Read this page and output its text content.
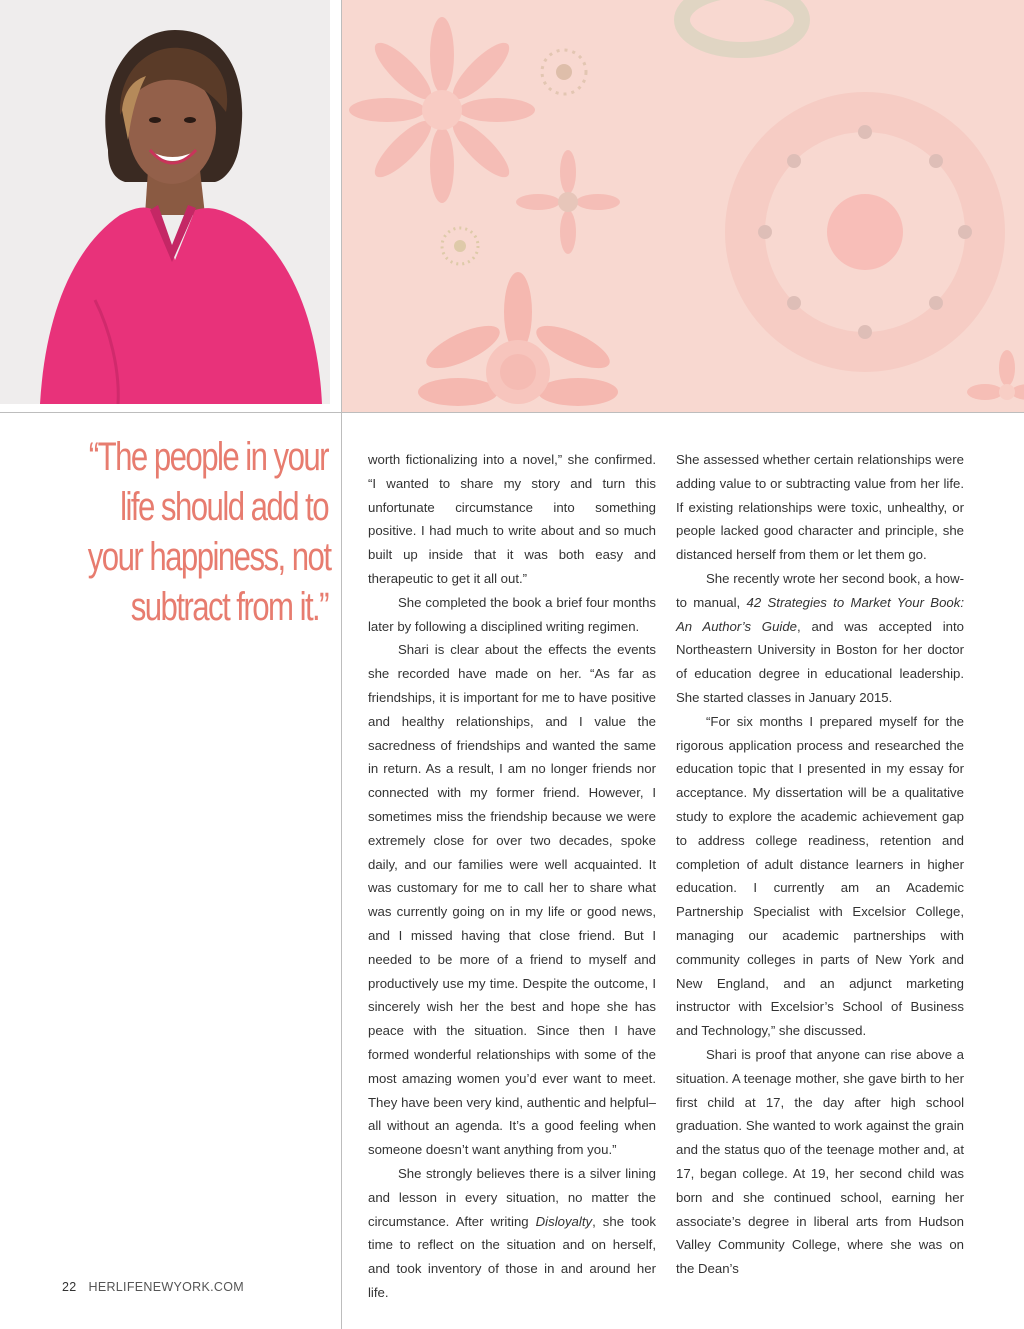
“The people in your
life should add to
your happiness, not
subtract from it.”

worth fictionalizing into a novel,” she confirmed. “I wanted to share my story and turn this unfortunate circumstance into something positive. I had much to write about and so much built up inside that it was both easy and therapeutic to get it all out.”

She completed the book a brief four months later by following a disciplined writing regimen.

Shari is clear about the effects the events she recorded have made on her. “As far as friendships, it is important for me to have positive and healthy relationships, and I value the sacredness of friendships and wanted the same in return. As a result, I am no longer friends nor connected with my former friend. However, I sometimes miss the friendship because we were extremely close for over two decades, spoke daily, and our families were well acquainted. It was customary for me to call her to share what was currently going on in my life or good news, and I missed having that close friend. But I needed to be more of a friend to myself and productively use my time. Despite the outcome, I sincerely wish her the best and hope she has peace with the situation. Since then I have formed wonderful relationships with some of the most amazing women you’d ever want to meet. They have been very kind, authentic and helpful–all without an agenda. It’s a good feeling when someone doesn’t want anything from you.”

She strongly believes there is a silver lining and lesson in every situation, no matter the circumstance. After writing Disloyalty, she took time to reflect on the situation and on herself, and took inventory of those in and around her life.

She assessed whether certain relationships were adding value to or subtracting value from her life. If existing relationships were toxic, unhealthy, or people lacked good character and principle, she distanced herself from them or let them go.

She recently wrote her second book, a how-to manual, 42 Strategies to Market Your Book: An Author’s Guide, and was accepted into Northeastern University in Boston for her doctor of education degree in educational leadership. She started classes in January 2015.

“For six months I prepared myself for the rigorous application process and researched the education topic that I presented in my essay for acceptance. My dissertation will be a qualitative study to explore the academic achievement gap to address college readiness, retention and completion of adult distance learners in higher education. I currently am an Academic Partnership Specialist with Excelsior College, managing our academic partnerships with community colleges in parts of New York and New England, and an adjunct marketing instructor with Excelsior’s School of Business and Technology,” she discussed.

Shari is proof that anyone can rise above a situation. A teenage mother, she gave birth to her first child at 17, the day after high school graduation. She wanted to work against the grain and the status quo of the teenage mother and, at 17, began college. At 19, her second child was born and she continued school, earning her associate’s degree in liberal arts from Hudson Valley Community College, where she was on the Dean’s

22 HERLIFENEWYORK.COM
